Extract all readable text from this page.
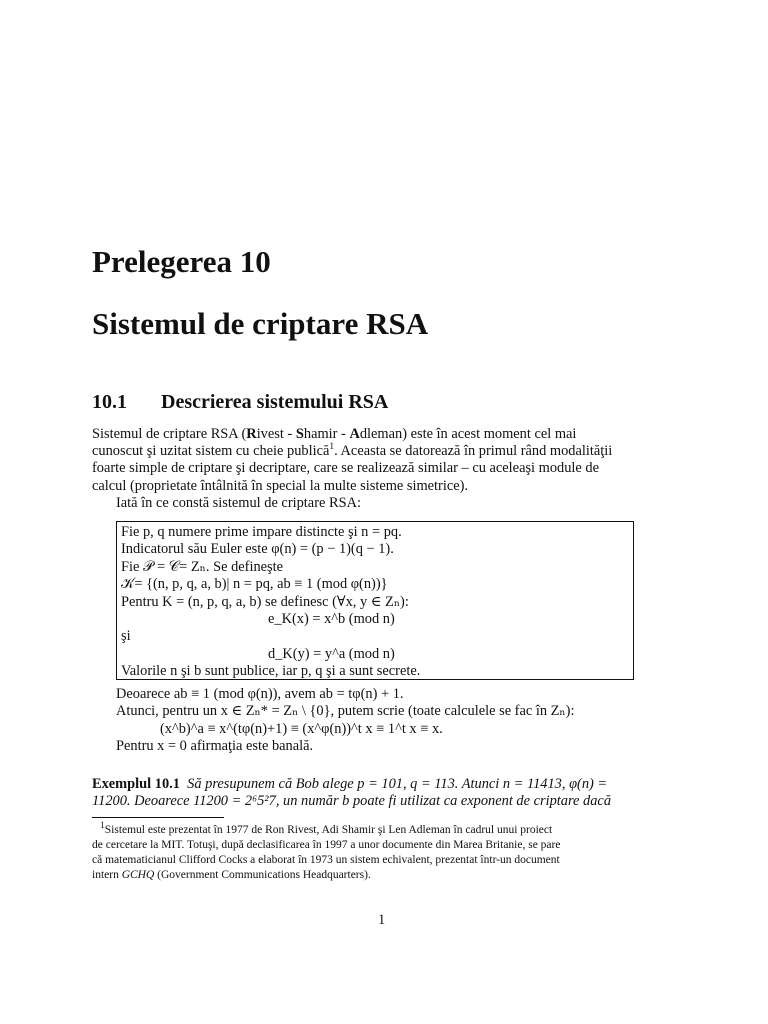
Prelegerea 10
Sistemul de criptare RSA
10.1 Descrierea sistemului RSA
Sistemul de criptare RSA (Rivest - Shamir - Adleman) este în acest moment cel mai
cunoscut şi uzitat sistem cu cheie publică$^1$. Aceasta se datorează în primul rând modalităţii
foarte simple de criptare şi decriptare, care se realizează similar – cu aceleaşi module de
calcul (proprietate întâlnită în special la multe sisteme simetrice).
Iată în ce constă sistemul de criptare RSA:
Fie p, q numere prime impare distincte şi n = pq.
Indicatorul său Euler este φ(n) = (p − 1)(q − 1).
Fie 𝒫 = 𝒞= Zₙ. Se defineşte
𝒦= {(n, p, q, a, b)| n = pq, ab ≡ 1 (mod φ(n))}
Pentru K = (n, p, q, a, b) se definesc (∀x, y ∈ Zₙ):
e_K(x) = x^b (mod n)
şi
d_K(y) = y^a (mod n)
Valorile n şi b sunt publice, iar p, q şi a sunt secrete.
Deoarece ab ≡ 1 (mod φ(n)), avem ab = tφ(n) + 1.
Atunci, pentru un x ∈ Zₙ* = Zₙ \ {0}, putem scrie (toate calculele se fac în Zₙ):
(x^b)^a ≡ x^(tφ(n)+1) ≡ (x^φ(n))^t x ≡ 1^t x ≡ x.
Pentru x = 0 afirmaţia este banală.
Exemplul 10.1 Să presupunem că Bob alege p = 101, q = 113. Atunci n = 11413, φ(n) =
11200. Deoarece 11200 = 2⁶5²7, un număr b poate fi utilizat ca exponent de criptare dacă
$^1$Sistemul este prezentat în 1977 de Ron Rivest, Adi Shamir şi Len Adleman în cadrul unui proiect
de cercetare la MIT. Totuşi, după declasificarea în 1997 a unor documente din Marea Britanie, se pare
că matematicianul Clifford Cocks a elaborat în 1973 un sistem echivalent, prezentat într-un document
intern GCHQ (Government Communications Headquarters).
1
